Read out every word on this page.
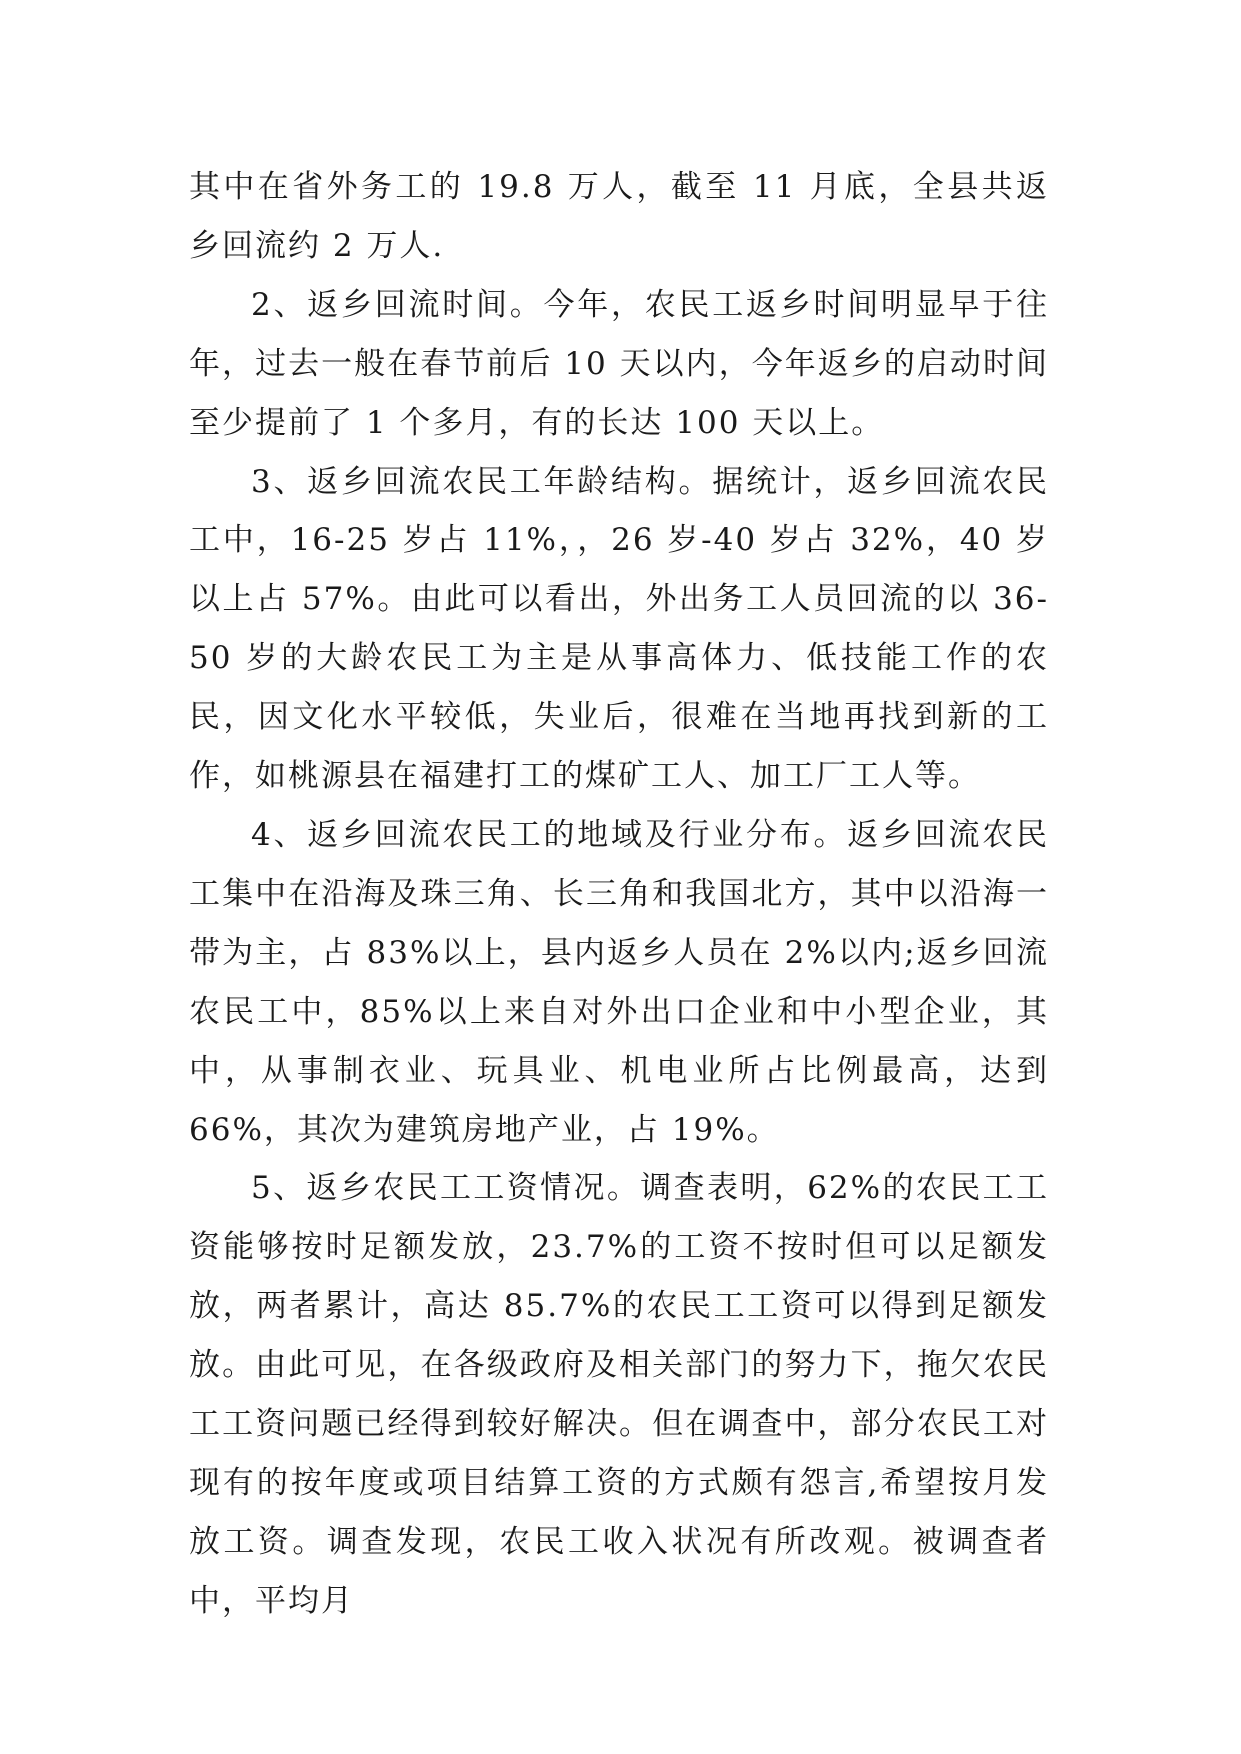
其中在省外务工的 19.8 万人，截至 11 月底，全县共返乡回流约 2 万人.

2、返乡回流时间。今年，农民工返乡时间明显早于往年，过去一般在春节前后 10 天以内，今年返乡的启动时间至少提前了 1 个多月，有的长达 100 天以上。

3、返乡回流农民工年龄结构。据统计，返乡回流农民工中，16-25 岁占 11%，，26 岁-40 岁占 32%，40 岁以上占 57%。由此可以看出，外出务工人员回流的以 36-50 岁的大龄农民工为主是从事高体力、低技能工作的农民，因文化水平较低，失业后，很难在当地再找到新的工作，如桃源县在福建打工的煤矿工人、加工厂工人等。

4、返乡回流农民工的地域及行业分布。返乡回流农民工集中在沿海及珠三角、长三角和我国北方，其中以沿海一带为主，占 83%以上，县内返乡人员在 2%以内;返乡回流农民工中，85%以上来自对外出口企业和中小型企业，其中，从事制衣业、玩具业、机电业所占比例最高，达到 66%，其次为建筑房地产业，占 19%。

5、返乡农民工工资情况。调查表明，62%的农民工工资能够按时足额发放，23.7%的工资不按时但可以足额发放，两者累计，高达 85.7%的农民工工资可以得到足额发放。由此可见，在各级政府及相关部门的努力下，拖欠农民工工资问题已经得到较好解决。但在调查中，部分农民工对现有的按年度或项目结算工资的方式颇有怨言,希望按月发放工资。调查发现，农民工收入状况有所改观。被调查者中，平均月
